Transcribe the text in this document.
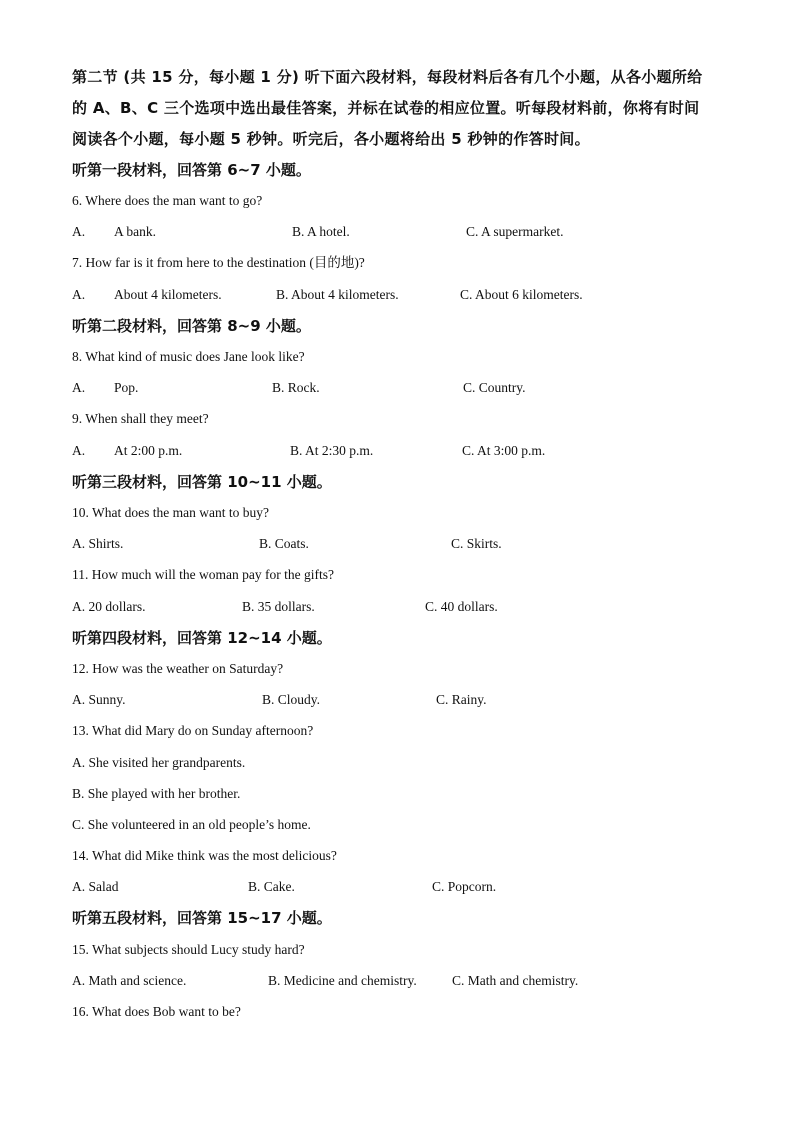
第二节 (共 15 分，每小题 1 分) 听下面六段材料，每段材料后各有几个小题，从各小题所给

的 A、B、C 三个选项中选出最佳答案，并标在试卷的相应位置。听每段材料前，你将有时间

阅读各个小题，每小题 5 秒钟。听完后，各小题将给出 5 秒钟的作答时间。

听第一段材料，回答第 6~7 小题。
6. Where does the man want to go?
A. A bank.	B. A hotel.	C. A supermarket.
7. How far is it from here to the destination (目的地)?
A. About 4 kilometers.	B. About 4 kilometers.	C. About 6 kilometers.
听第二段材料，回答第 8~9 小题。
8. What kind of music does Jane look like?
A. Pop.	B. Rock.	C. Country.
9. When shall they meet?
A. At 2:00 p.m.	B. At 2:30 p.m.	C. At 3:00 p.m.
听第三段材料，回答第 10~11 小题。
10. What does the man want to buy?
A. Shirts.	B. Coats.	C. Skirts.
11. How much will the woman pay for the gifts?
A. 20 dollars.	B. 35 dollars.	C. 40 dollars.
听第四段材料，回答第 12~14 小题。
12. How was the weather on Saturday?
A. Sunny.	B. Cloudy.	C. Rainy.
13. What did Mary do on Sunday afternoon?
A. She visited her grandparents.
B. She played with her brother.
C. She volunteered in an old people’s home.
14. What did Mike think was the most delicious?
A. Salad	B. Cake.	C. Popcorn.
听第五段材料，回答第 15~17 小题。
15. What subjects should Lucy study hard?
A. Math and science.	B. Medicine and chemistry.	C. Math and chemistry.
16. What does Bob want to be?
